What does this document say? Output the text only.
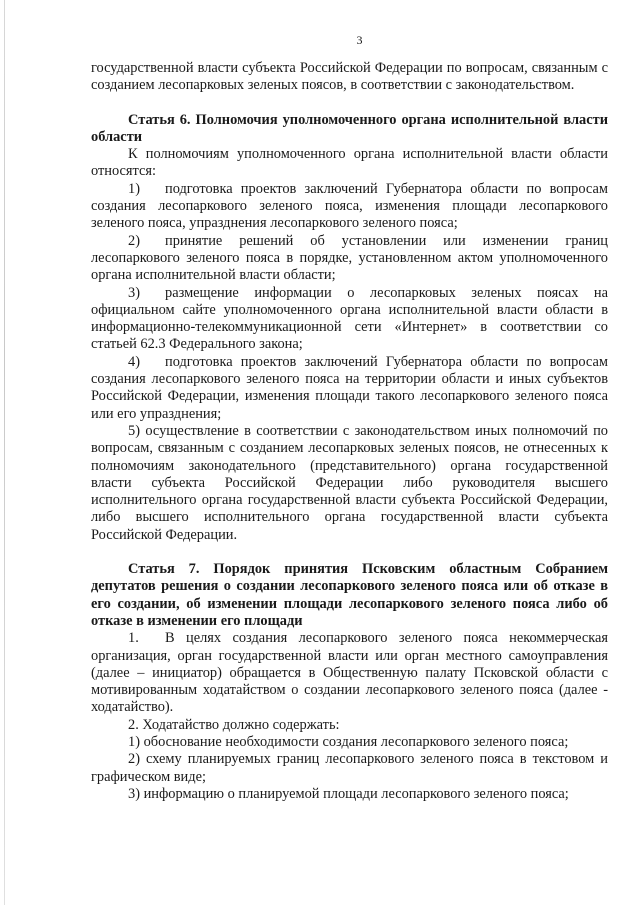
3

государственной власти субъекта Российской Федерации по вопросам, связанным с созданием лесопарковых зеленых поясов, в соответствии с законодательством.

Статья 6. Полномочия уполномоченного органа исполнительной власти области

К полномочиям уполномоченного органа исполнительной власти области относятся:

1) подготовка проектов заключений Губернатора области по вопросам создания лесопаркового зеленого пояса, изменения площади лесопаркового зеленого пояса, упразднения лесопаркового зеленого пояса;

2) принятие решений об установлении или изменении границ лесопаркового зеленого пояса в порядке, установленном актом уполномоченного органа исполнительной власти области;

3) размещение информации о лесопарковых зеленых поясах на официальном сайте уполномоченного органа исполнительной власти области в информационно-телекоммуникационной сети «Интернет» в соответствии со статьей 62.3 Федерального закона;

4) подготовка проектов заключений Губернатора области по вопросам создания лесопаркового зеленого пояса на территории области и иных субъектов Российской Федерации, изменения площади такого лесопаркового зеленого пояса или его упразднения;

5) осуществление в соответствии с законодательством иных полномочий по вопросам, связанным с созданием лесопарковых зеленых поясов, не отнесенных к полномочиям законодательного (представительного) органа государственной власти субъекта Российской Федерации либо руководителя высшего исполнительного органа государственной власти субъекта Российской Федерации, либо высшего исполнительного органа государственной власти субъекта Российской Федерации.

Статья 7. Порядок принятия Псковским областным Собранием депутатов решения о создании лесопаркового зеленого пояса или об отказе в его создании, об изменении площади лесопаркового зеленого пояса либо об отказе в изменении его площади

1. В целях создания лесопаркового зеленого пояса некоммерческая организация, орган государственной власти или орган местного самоуправления (далее – инициатор) обращается в Общественную палату Псковской области с мотивированным ходатайством о создании лесопаркового зеленого пояса (далее - ходатайство).

2. Ходатайство должно содержать:

1) обоснование необходимости создания лесопаркового зеленого пояса;

2) схему планируемых границ лесопаркового зеленого пояса в текстовом и графическом виде;

3) информацию о планируемой площади лесопаркового зеленого пояса;
